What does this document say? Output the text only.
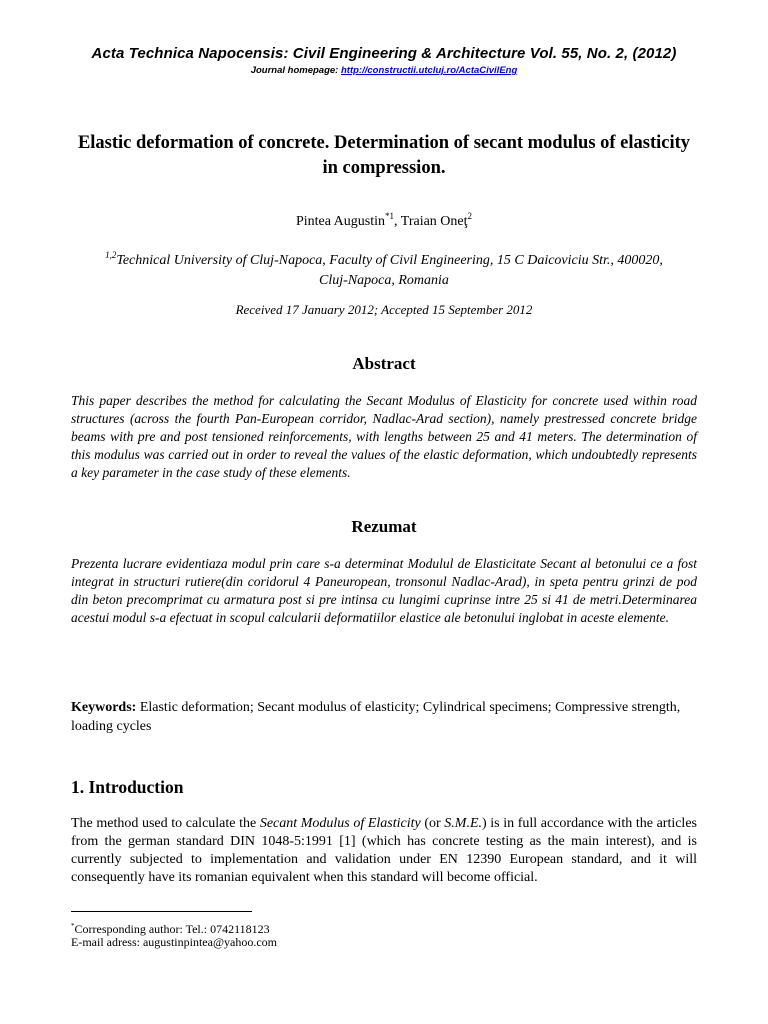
Acta Technica Napocensis: Civil Engineering & Architecture Vol. 55, No. 2, (2012)
Journal homepage: http://constructii.utcluj.ro/ActaCivilEng
Elastic deformation of concrete. Determination of secant modulus of elasticity in compression.
Pintea Augustin$^{*1}$, Traian Oneţ$^2$
$^{1,2}$Technical University of Cluj-Napoca, Faculty of Civil Engineering, 15 C Daicoviciu Str., 400020,
Cluj-Napoca, Romania
Received 17 January 2012; Accepted 15 September 2012
Abstract
This paper describes the method for calculating the Secant Modulus of Elasticity for concrete used within road structures (across the fourth Pan-European corridor, Nadlac-Arad section), namely prestressed concrete bridge beams with pre and post tensioned reinforcements, with lengths between 25 and 41 meters. The determination of this modulus was carried out in order to reveal the values of the elastic deformation, which undoubtedly represents a key parameter in the case study of these elements.
Rezumat
Prezenta lucrare evidentiaza modul prin care s-a determinat Modulul de Elasticitate Secant al betonului ce a fost integrat in structuri rutiere(din coridorul 4 Paneuropean, tronsonul Nadlac-Arad), in speta pentru grinzi de pod din beton precomprimat cu armatura post si pre intinsa cu lungimi cuprinse intre 25 si 41 de metri.Determinarea acestui modul s-a efectuat in scopul calcularii deformatiilor elastice ale betonului inglobat in aceste elemente.
Keywords: Elastic deformation; Secant modulus of elasticity; Cylindrical specimens; Compressive strength, loading cycles
1. Introduction
The method used to calculate the Secant Modulus of Elasticity (or S.M.E.) is in full accordance with the articles from the german standard DIN 1048-5:1991 [1] (which has concrete testing as the main interest), and is currently subjected to implementation and validation under EN 12390 European standard, and it will consequently have its romanian equivalent when this standard will become official.
*Corresponding author: Tel.: 0742118123
E-mail adress: augustinpintea@yahoo.com
